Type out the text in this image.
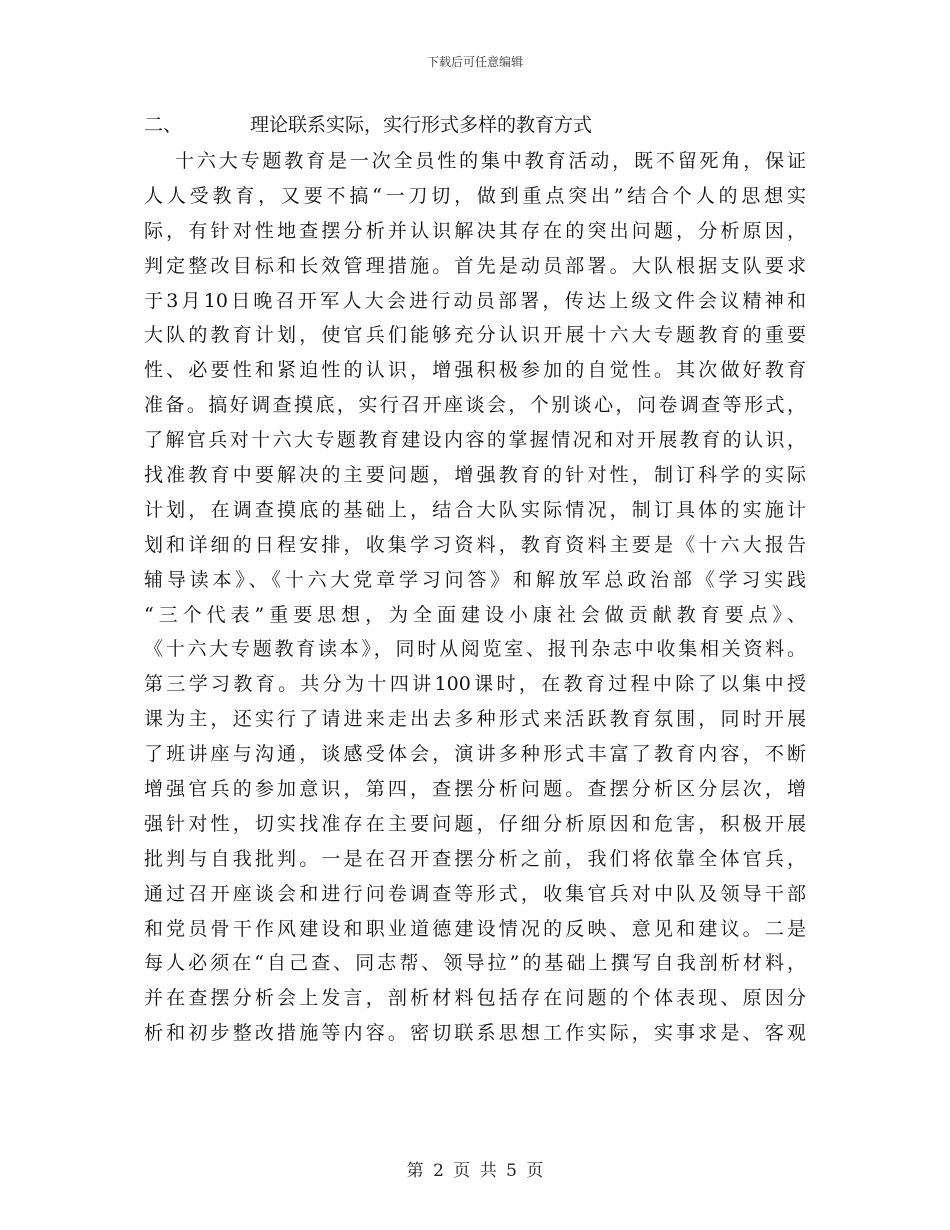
下载后可任意编辑
二、	理论联系实际，实行形式多样的教育方式
十六大专题教育是一次全员性的集中教育活动，既不留死角，保证
人人受教育，又要不搞“一刀切，做到重点突出”结合个人的思想实
际，有针对性地查摆分析并认识解决其存在的突出问题，分析原因，
判定整改目标和长效管理措施。首先是动员部署。大队根据支队要求
于3月10日晚召开军人大会进行动员部署，传达上级文件会议精神和
大队的教育计划，使官兵们能够充分认识开展十六大专题教育的重要
性、必要性和紧迫性的认识，增强积极参加的自觉性。其次做好教育
准备。搞好调查摸底，实行召开座谈会，个别谈心，问卷调查等形式，
了解官兵对十六大专题教育建设内容的掌握情况和对开展教育的认识，
找准教育中要解决的主要问题，增强教育的针对性，制订科学的实际
计划，在调查摸底的基础上，结合大队实际情况，制订具体的实施计
划和详细的日程安排，收集学习资料，教育资料主要是《十六大报告
辅导读本》、《十六大党章学习问答》和解放军总政治部《学习实践
“三个代表”重要思想，为全面建设小康社会做贡献教育要点》、
《十六大专题教育读本》，同时从阅览室、报刊杂志中收集相关资料。
第三学习教育。共分为十四讲100课时，在教育过程中除了以集中授
课为主，还实行了请进来走出去多种形式来活跃教育氛围，同时开展
了班讲座与沟通，谈感受体会，演讲多种形式丰富了教育内容，不断
增强官兵的参加意识，第四，查摆分析问题。查摆分析区分层次，增
强针对性，切实找准存在主要问题，仔细分析原因和危害，积极开展
批判与自我批判。一是在召开查摆分析之前，我们将依靠全体官兵，
通过召开座谈会和进行问卷调查等形式，收集官兵对中队及领导干部
和党员骨干作风建设和职业道德建设情况的反映、意见和建议。二是
每人必须在“自己查、同志帮、领导拉”的基础上撰写自我剖析材料，
并在查摆分析会上发言，剖析材料包括存在问题的个体表现、原因分
析和初步整改措施等内容。密切联系思想工作实际，实事求是、客观
第 2 页 共 5 页
